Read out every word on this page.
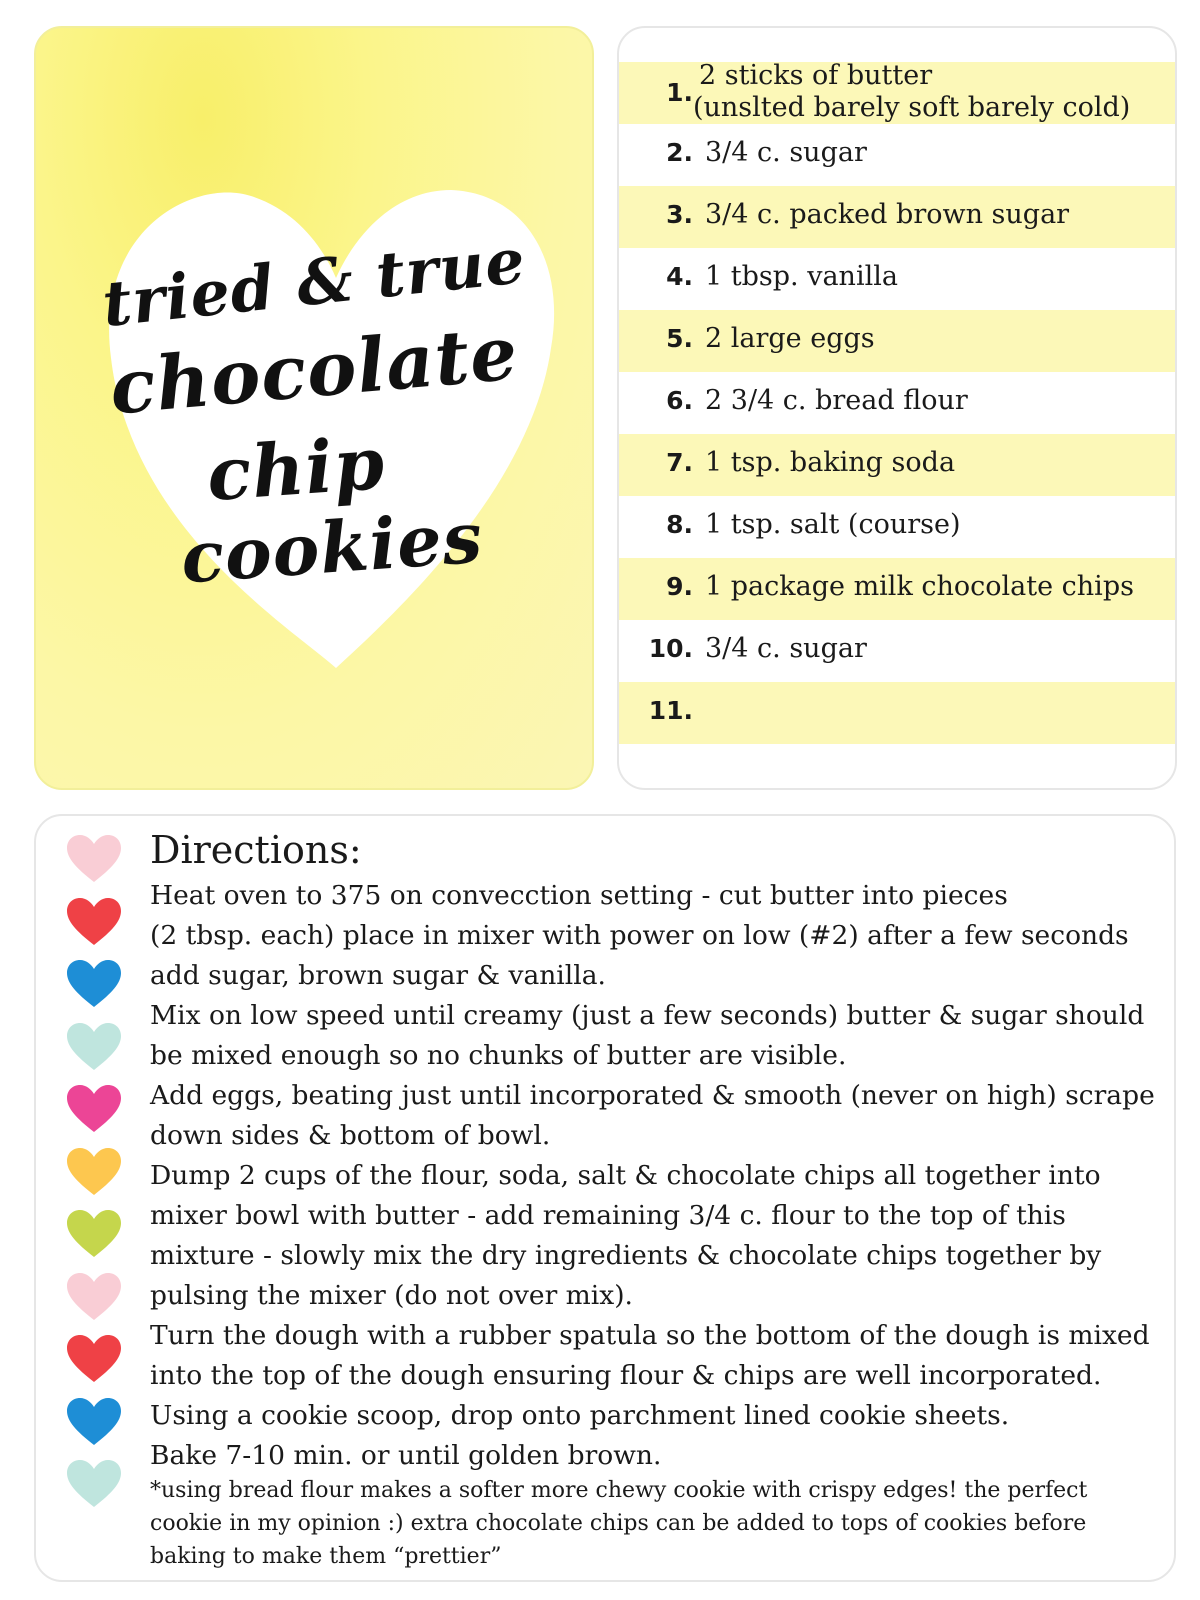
tried & true
chocolate
chip
cookies
1.
2 sticks of butter
(unslted barely soft barely cold)
2. 3/4 c. sugar
3. 3/4 c. packed brown sugar
4. 1 tbsp. vanilla
5. 2 large eggs
6. 2 3/4 c. bread flour
7. 1 tsp. baking soda
8. 1 tsp. salt (course)
9. 1 package milk chocolate chips
10. 3/4 c. sugar
11.
Directions:
Heat oven to 375 on convecction setting - cut butter into pieces
(2 tbsp. each) place in mixer with power on low (#2) after a few seconds
add sugar, brown sugar & vanilla.
Mix on low speed until creamy (just a few seconds) butter & sugar should
be mixed enough so no chunks of butter are visible.
Add eggs, beating just until incorporated & smooth (never on high) scrape
down sides & bottom of bowl.
Dump 2 cups of the flour, soda, salt & chocolate chips all together into
mixer bowl with butter - add remaining 3/4 c. flour to the top of this
mixture - slowly mix the dry ingredients & chocolate chips together by
pulsing the mixer (do not over mix).
Turn the dough with a rubber spatula so the bottom of the dough is mixed
into the top of the dough ensuring flour & chips are well incorporated.
Using a cookie scoop, drop onto parchment lined cookie sheets.
Bake 7-10 min. or until golden brown.
*using bread flour makes a softer more chewy cookie with crispy edges! the perfect
cookie in my opinion :) extra chocolate chips can be added to tops of cookies before
baking to make them “prettier”
